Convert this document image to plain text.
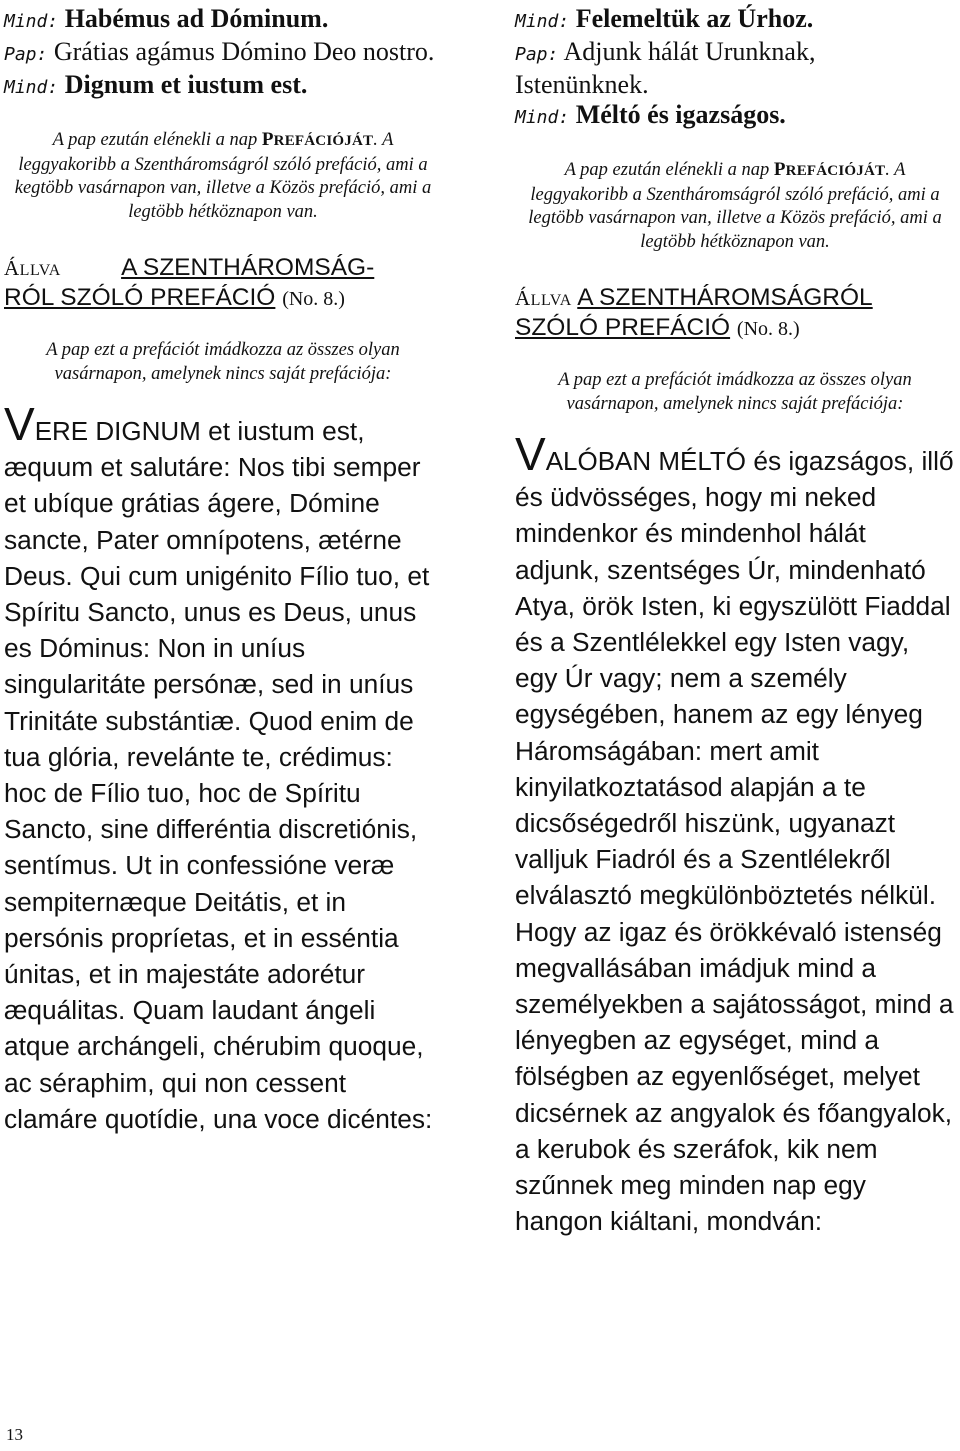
Mind: Habémus ad Dóminum.

Pap: Grátias agámus Dómino Deo nostro.

Mind: Dignum et iustum est.

A pap ezután elénekli a nap PREFÁCIÓJÁT. A leggyakoribb a Szentháromságról szóló prefáció, ami a kegtöbb vasárnapon van, illetve a Közös prefáció, ami a legtöbb hétköznapon van.

ÁLLVA A SZENTHÁROMSÁG-
RÓL SZÓLÓ PREFÁCIÓ (No. 8.)

A pap ezt a prefációt imádkozza az összes olyan vasárnapon, amelynek nincs saját prefációja:

VERE DIGNUM et iustum est, æquum et salutáre: Nos tibi semper et ubíque grátias ágere, Dómine sancte, Pater omnípotens, ætérne Deus. Qui cum unigénito Fílio tuo, et Spíritu Sancto, unus es Deus, unus es Dóminus: Non in uníus singularitáte persónæ, sed in uníus Trinitáte substántiæ. Quod enim de tua glória, revelánte te, crédimus: hoc de Fílio tuo, hoc de Spíritu Sancto, sine differéntia discretiónis, sentímus. Ut in confessióne veræ sempiternæque Deitátis, et in persónis propríetas, et in esséntia únitas, et in majestáte adorétur æquálitas. Quam laudant ángeli atque archángeli, chérubim quoque, ac séraphim, qui non cessent clamáre quotídie, una voce dicéntes:

Mind: Felemeltük az Úrhoz.

Pap: Adjunk hálát Urunknak, Istenünknek.

Mind: Méltó és igazságos.

A pap ezután elénekli a nap PREFÁCIÓJÁT. A leggyakoribb a Szentháromságról szóló prefáció, ami a legtöbb vasárnapon van, illetve a Közös prefáció, ami a legtöbb hétköznapon van.

ÁLLVA A SZENTHÁROMSÁGRÓL
SZÓLÓ PREFÁCIÓ (No. 8.)

A pap ezt a prefációt imádkozza az összes olyan vasárnapon, amelynek nincs saját prefációja:

VALÓBAN MÉLTÓ és igazságos, illő és üdvösséges, hogy mi neked mindenkor és mindenhol hálát adjunk, szentséges Úr, mindenható Atya, örök Isten, ki egyszülött Fiaddal és a Szentlélekkel egy Isten vagy, egy Úr vagy; nem a személy egységében, hanem az egy lényeg Háromságában: mert amit kinyilatkoztatásod alapján a te dicsőségedről hiszünk, ugyanazt valljuk Fiadról és a Szentlélekről elválasztó megkülönböztetés nélkül. Hogy az igaz és örökkévaló istenség megvallásában imádjuk mind a személyekben a sajátosságot, mind a lényegben az egységet, mind a fölségben az egyenlőséget, melyet dicsérnek az angyalok és főangyalok, a kerubok és szeráfok, kik nem szűnnek meg minden nap egy hangon kiáltani, mondván:

13
